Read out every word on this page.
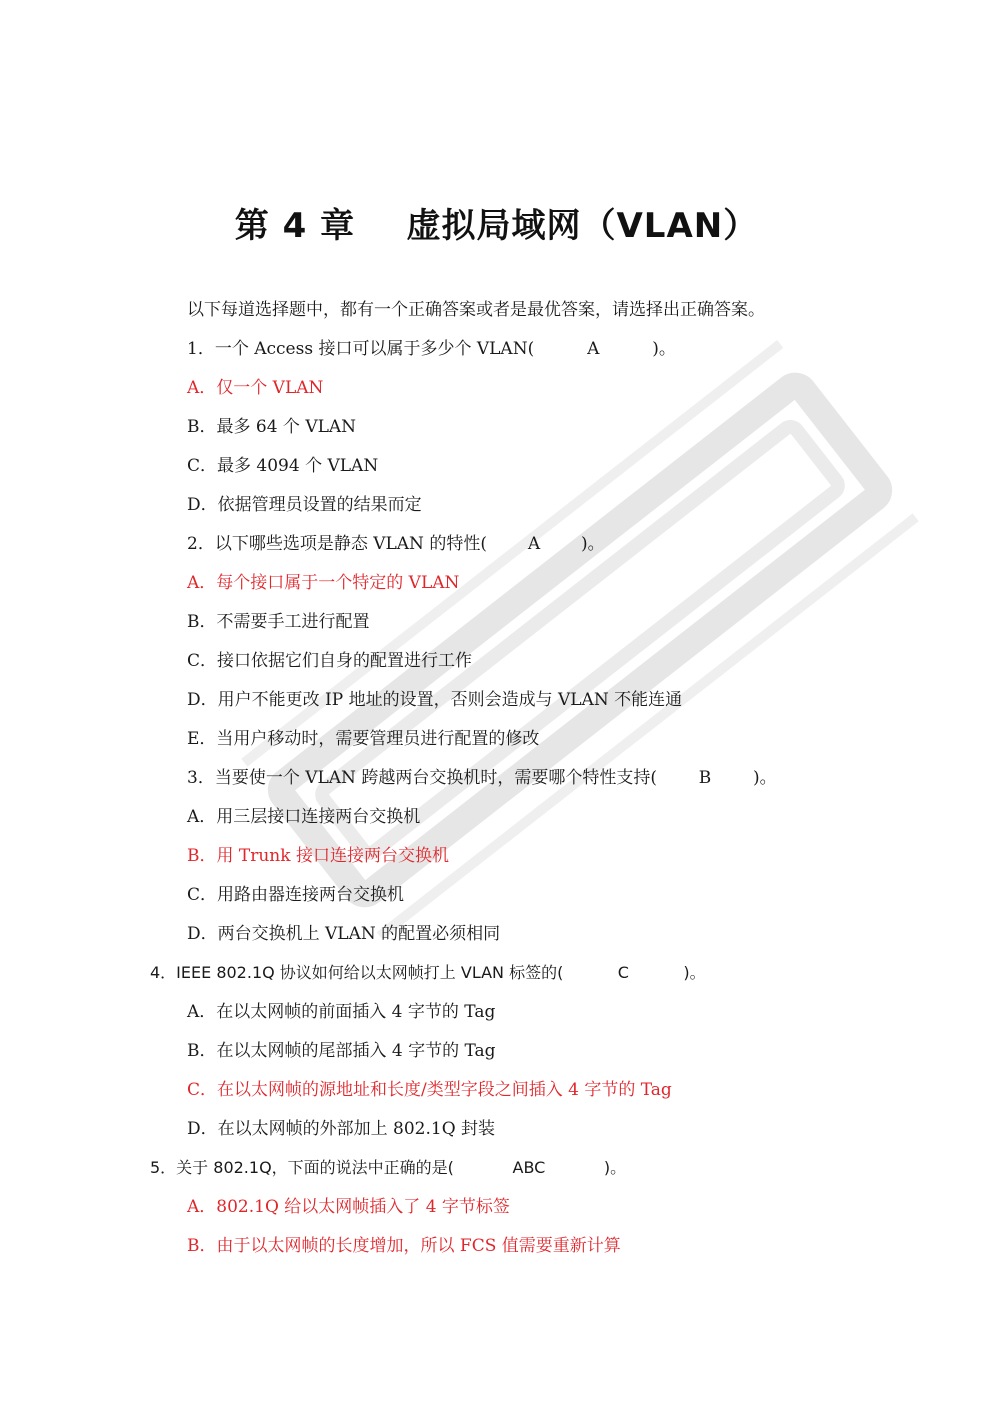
第 4 章    虚拟局域网（VLAN）
以下每道选择题中，都有一个正确答案或者是最优答案，请选择出正确答案。
1．一个 Access 接口可以属于多少个 VLAN(	A	)。
A．仅一个 VLAN
B．最多 64 个 VLAN
C．最多 4094 个 VLAN
D．依据管理员设置的结果而定
2．以下哪些选项是静态 VLAN 的特性( A )。
A．每个接口属于一个特定的 VLAN
B．不需要手工进行配置
C．接口依据它们自身的配置进行工作
D．用户不能更改 IP 地址的设置，否则会造成与 VLAN 不能连通
E．当用户移动时，需要管理员进行配置的修改
3．当要使一个 VLAN 跨越两台交换机时，需要哪个特性支持( B )。
A．用三层接口连接两台交换机
B．用 Trunk 接口连接两台交换机
C．用路由器连接两台交换机
D．两台交换机上 VLAN 的配置必须相同
4．IEEE 802.1Q 协议如何给以太网帧打上 VLAN 标签的(	C	)。
A．在以太网帧的前面插入 4 字节的 Tag
B．在以太网帧的尾部插入 4 字节的 Tag
C．在以太网帧的源地址和长度/类型字段之间插入 4 字节的 Tag
D．在以太网帧的外部加上 802.1Q 封装
5．关于 802.1Q，下面的说法中正确的是(	ABC	)。
A．802.1Q 给以太网帧插入了 4 字节标签
B．由于以太网帧的长度增加，所以 FCS 值需要重新计算
